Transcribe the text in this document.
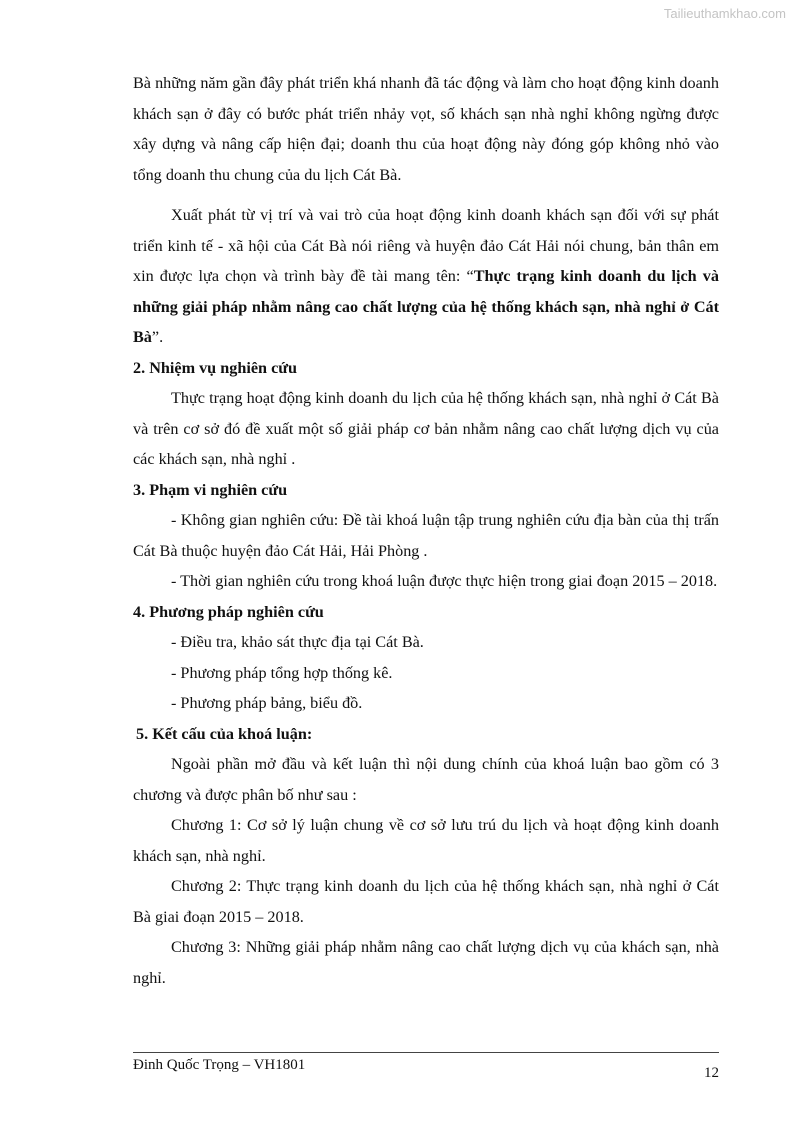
Tailieuthamkhao.com

Bà những năm gần đây phát triển khá nhanh đã tác động và làm cho hoạt động kinh doanh khách sạn ở đây có bước phát triển nhảy vọt, số khách sạn nhà nghỉ không ngừng được xây dựng và nâng cấp hiện đại; doanh thu của hoạt động này đóng góp không nhỏ vào tổng doanh thu chung của du lịch Cát Bà.

Xuất phát từ vị trí và vai trò của hoạt động kinh doanh khách sạn đối với sự phát triển kinh tế - xã hội của Cát Bà nói riêng và huyện đảo Cát Hải nói chung, bản thân em xin được lựa chọn và trình bày đề tài mang tên: “Thực trạng kinh doanh du lịch và những giải pháp nhằm nâng cao chất lượng của hệ thống khách sạn, nhà nghỉ ở Cát Bà”.

2. Nhiệm vụ nghiên cứu

Thực trạng hoạt động kinh doanh du lịch của hệ thống khách sạn, nhà nghỉ ở Cát Bà và trên cơ sở đó đề xuất một số giải pháp cơ bản nhằm nâng cao chất lượng dịch vụ của các khách sạn, nhà nghỉ .

3. Phạm vi nghiên cứu

- Không gian nghiên cứu: Đề tài khoá luận tập trung nghiên cứu địa bàn của thị trấn Cát Bà thuộc huyện đảo Cát Hải, Hải Phòng .

- Thời gian nghiên cứu trong khoá luận được thực hiện trong giai đoạn 2015 – 2018.

4. Phương pháp nghiên cứu

- Điều tra, khảo sát thực địa tại Cát Bà.

- Phương pháp tổng hợp thống kê.

- Phương pháp bảng, biểu đồ.

5. Kết cấu của khoá luận:

Ngoài phần mở đầu và kết luận thì nội dung chính của khoá luận bao gồm có 3 chương và được phân bố như sau :

Chương 1: Cơ sở lý luận chung về cơ sở lưu trú du lịch và hoạt động kinh doanh khách sạn, nhà nghỉ.

Chương 2: Thực trạng kinh doanh du lịch của hệ thống khách sạn, nhà nghỉ ở Cát Bà giai đoạn 2015 – 2018.

Chương 3: Những giải pháp nhằm nâng cao chất lượng dịch vụ của khách sạn, nhà nghỉ.

Đinh Quốc Trọng – VH1801	12
